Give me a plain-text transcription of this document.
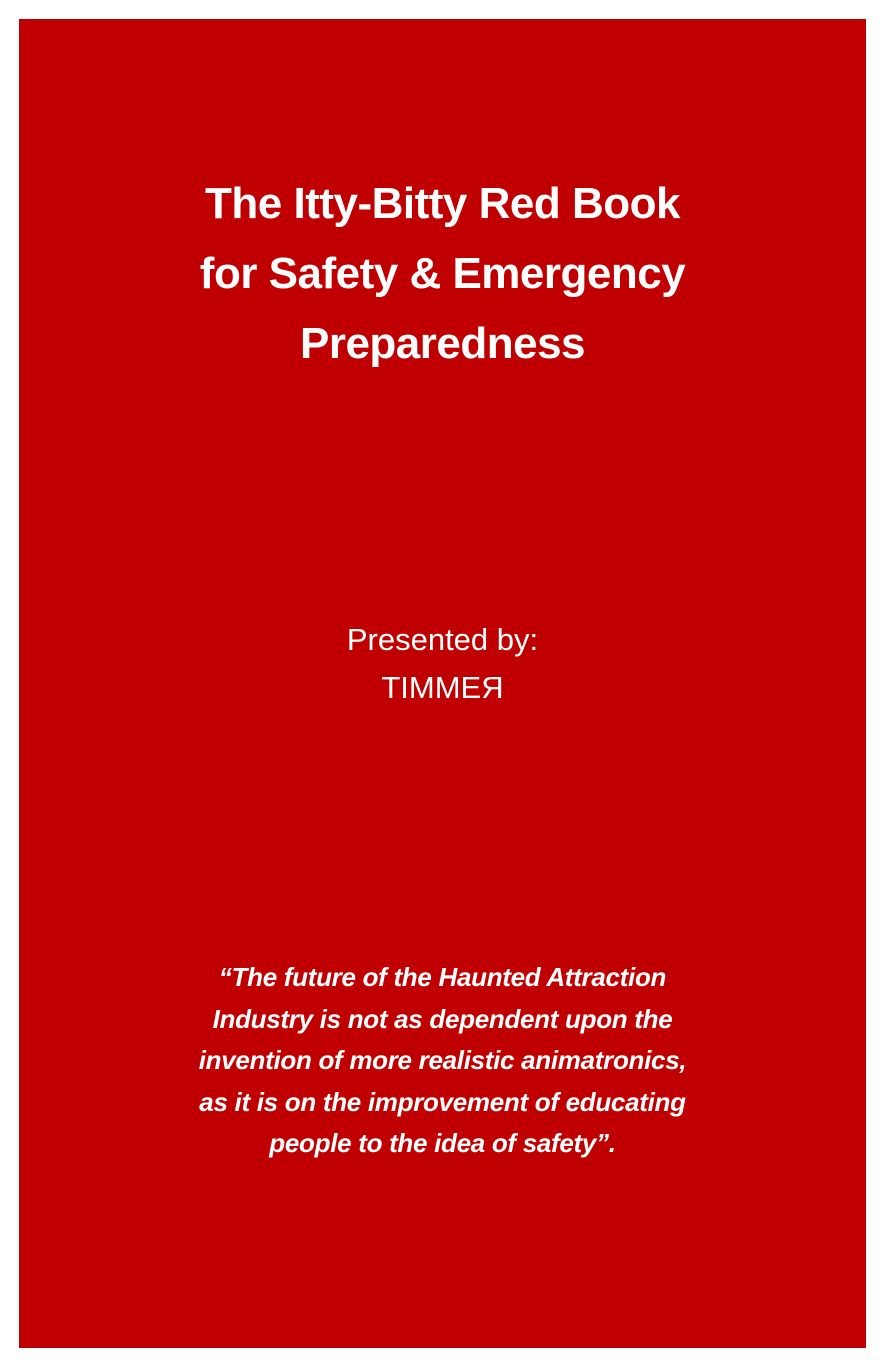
The Itty-Bitty Red Book
for Safety & Emergency
Preparedness
Presented by:
TIMMEЯ
“The future of the Haunted Attraction
Industry is not as dependent upon the
invention of more realistic animatronics,
as it is on the improvement of educating
people to the idea of safety”.
